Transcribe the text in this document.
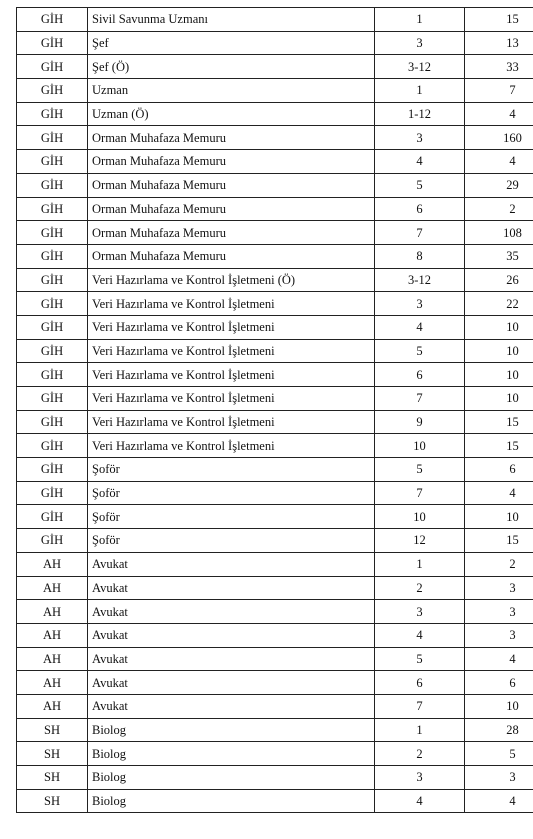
GİH	Sivil Savunma Uzmanı	1	15
GİH	Şef	3	13
GİH	Şef (Ö)	3-12	33
GİH	Uzman	1	7
GİH	Uzman (Ö)	1-12	4
GİH	Orman Muhafaza Memuru	3	160
GİH	Orman Muhafaza Memuru	4	4
GİH	Orman Muhafaza Memuru	5	29
GİH	Orman Muhafaza Memuru	6	2
GİH	Orman Muhafaza Memuru	7	108
GİH	Orman Muhafaza Memuru	8	35
GİH	Veri Hazırlama ve Kontrol İşletmeni (Ö)	3-12	26
GİH	Veri Hazırlama ve Kontrol İşletmeni	3	22
GİH	Veri Hazırlama ve Kontrol İşletmeni	4	10
GİH	Veri Hazırlama ve Kontrol İşletmeni	5	10
GİH	Veri Hazırlama ve Kontrol İşletmeni	6	10
GİH	Veri Hazırlama ve Kontrol İşletmeni	7	10
GİH	Veri Hazırlama ve Kontrol İşletmeni	9	15
GİH	Veri Hazırlama ve Kontrol İşletmeni	10	15
GİH	Şoför	5	6
GİH	Şoför	7	4
GİH	Şoför	10	10
GİH	Şoför	12	15
AH	Avukat	1	2
AH	Avukat	2	3
AH	Avukat	3	3
AH	Avukat	4	3
AH	Avukat	5	4
AH	Avukat	6	6
AH	Avukat	7	10
SH	Biolog	1	28
SH	Biolog	2	5
SH	Biolog	3	3
SH	Biolog	4	4
